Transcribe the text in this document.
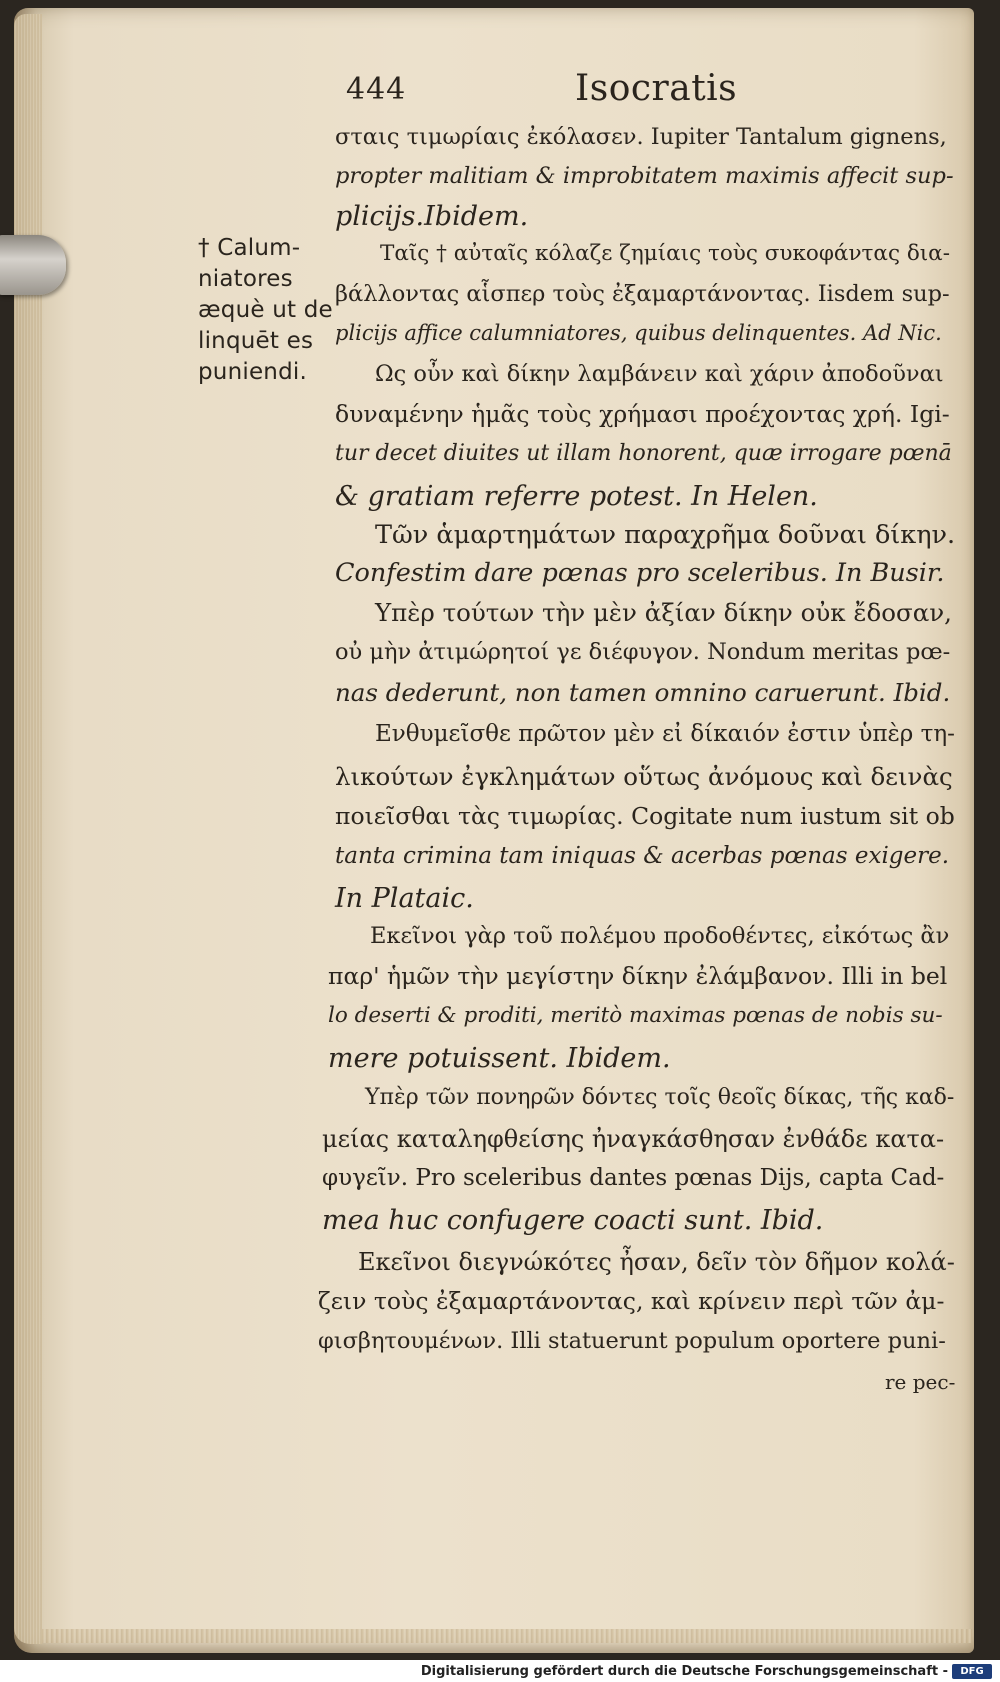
444	Isocratis
† Calum-
niatores
æquè ut de
linquēt es
puniendi.
σταις τιμωρίαις ἐκόλασεν. Iupiter Tantalum gignens,
propter malitiam & improbitatem maximis affecit sup-
plicijs.Ibidem.
Ταῖς † αὐταῖς κόλαζε ζημίαις τοὺς συκοφάντας δια-
βάλλοντας αἷσπερ τοὺς ἐξαμαρτάνοντας. Iisdem sup-
plicijs affice calumniatores, quibus delinquentes. Ad Nic.
Ως οὖν καὶ δίκην λαμβάνειν καὶ χάριν ἀποδοῦναι
δυναμένην ἡμᾶς τοὺς χρήμασι προέχοντας χρή. Igi-
tur decet diuites ut illam honorent, quæ irrogare pœnā
& gratiam referre potest. In Helen.
Τῶν ἁμαρτημάτων παραχρῆμα δοῦναι δίκην.
Confestim dare pœnas pro sceleribus. In Busir.
Υπὲρ τούτων τὴν μὲν ἀξίαν δίκην οὐκ ἔδοσαν,
οὐ μὴν ἀτιμώρητοί γε διέφυγον. Nondum meritas pœ-
nas dederunt, non tamen omnino caruerunt. Ibid.
Ενθυμεῖσθε πρῶτον μὲν εἰ δίκαιόν ἐστιν ὑπὲρ τη-
λικούτων ἐγκλημάτων οὕτως ἀνόμους καὶ δεινὰς
ποιεῖσθαι τὰς τιμωρίας. Cogitate num iustum sit ob
tanta crimina tam iniquas & acerbas pœnas exigere.
In Plataic.
Εκεῖνοι γὰρ τοῦ πολέμου προδοθέντες, εἰκότως ἂν
παρ' ἡμῶν τὴν μεγίστην δίκην ἐλάμβανον. Illi in bel
lo deserti & proditi, meritò maximas pœnas de nobis su-
mere potuissent. Ibidem.
Υπὲρ τῶν πονηρῶν δόντες τοῖς θεοῖς δίκας, τῆς καδ-
μείας καταληφθείσης ἠναγκάσθησαν ἐνθάδε κατα-
φυγεῖν. Pro sceleribus dantes pœnas Dijs, capta Cad-
mea huc confugere coacti sunt. Ibid.
Εκεῖνοι διεγνώκότες ἦσαν, δεῖν τὸν δῆμον κολά-
ζειν τοὺς ἐξαμαρτάνοντας, καὶ κρίνειν περὶ τῶν ἀμ-
φισβητουμένων. Illi statuerunt populum oportere puni-
re pec-
Digitalisierung gefördert durch die Deutsche Forschungsgemeinschaft -	DFG
